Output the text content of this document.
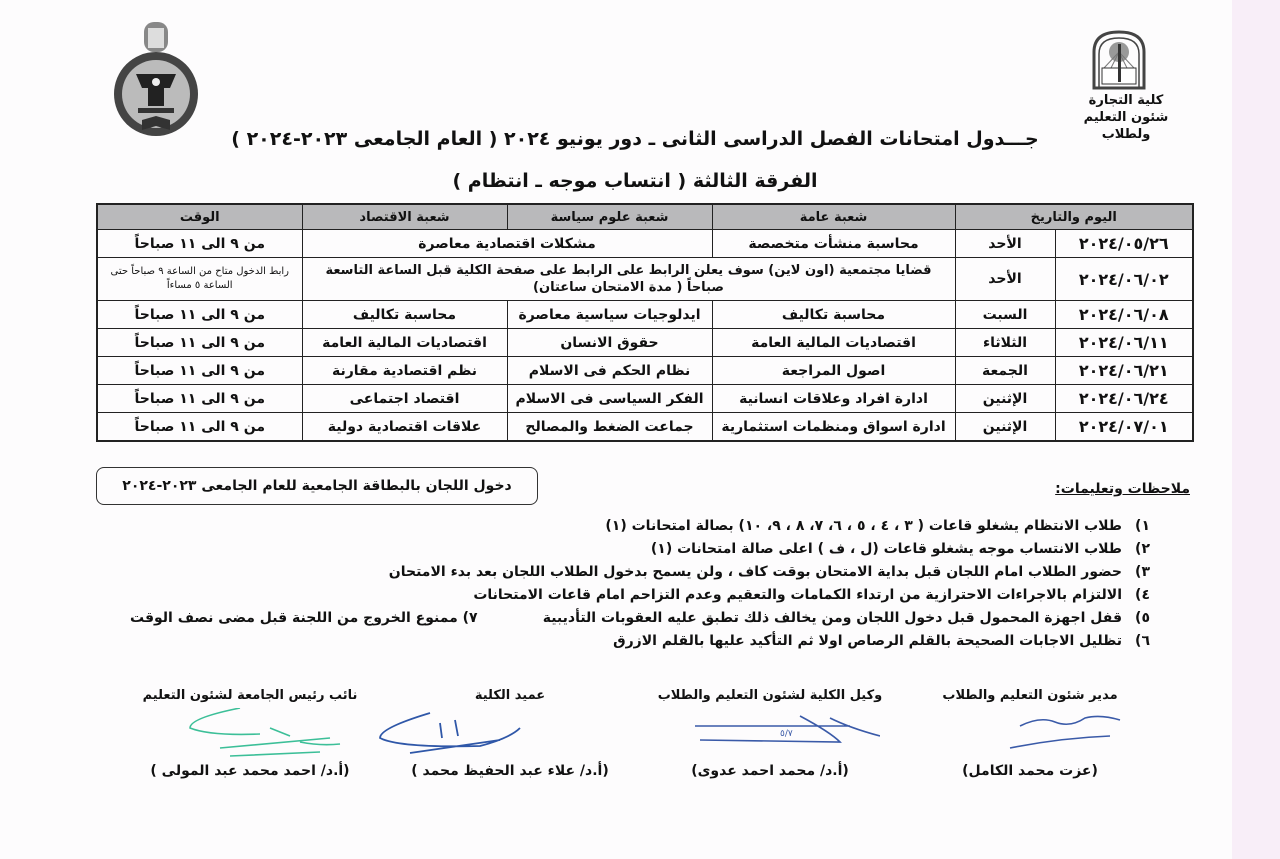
كلية التجارة
شئون التعليم ولطلاب
جـــدول امتحانات الفصل الدراسى الثانى ـ دور يونيو ٢٠٢٤ ( العام الجامعى ٢٠٢٣-٢٠٢٤ )
الفرقة الثالثة ( انتساب موجه ـ انتظام )
اليوم والتاريخ		شعبة عامة	شعبة علوم سياسة	شعبة الاقتصاد	الوقت
٢٠٢٤/٠٥/٢٦	الأحد	محاسبة منشأت متخصصة	مشكلات اقتصادية معاصرة		من ٩ الى ١١ صباحاً
٢٠٢٤/٠٦/٠٢	الأحد	قضايا مجتمعية (اون لاين) سوف يعلن الرابط على الرابط على صفحة الكلية قبل الساعة التاسعة صباحاً ( مدة الامتحان ساعتان)			رابط الدخول متاح من الساعة ٩ صباحاً حتى الساعة ٥ مساءاً
٢٠٢٤/٠٦/٠٨	السبت	محاسبة تكاليف	ايدلوجيات سياسية معاصرة	محاسبة تكاليف	من ٩ الى ١١ صباحاً
٢٠٢٤/٠٦/١١	الثلاثاء	اقتصاديات المالية العامة	حقوق الانسان	اقتصاديات المالية العامة	من ٩ الى ١١ صباحاً
٢٠٢٤/٠٦/٢١	الجمعة	اصول المراجعة	نظام الحكم فى الاسلام	نظم اقتصادية مقارنة	من ٩ الى ١١ صباحاً
٢٠٢٤/٠٦/٢٤	الإثنين	ادارة افراد وعلاقات انسانية	الفكر السياسى فى الاسلام	اقتصاد اجتماعى	من ٩ الى ١١ صباحاً
٢٠٢٤/٠٧/٠١	الإثنين	ادارة اسواق ومنظمات استثمارية	جماعت الضغط والمصالح	علاقات اقتصادية دولية	من ٩ الى ١١ صباحاً
دخول اللجان بالبطاقة الجامعية للعام الجامعى ٢٠٢٣-٢٠٢٤	ملاحظات وتعليمات:
١)طلاب الانتظام يشغلو قاعات ( ٣ ، ٤ ، ٥ ، ٦، ٧، ٨ ، ٩، ١٠) بصالة امتحانات (١)
٢)طلاب الانتساب موجه يشغلو قاعات (ل ، ف ) اعلى صالة امتحانات (١)
٣)حضور الطلاب امام اللجان قبل بداية الامتحان بوقت كاف ، ولن يسمح بدخول الطلاب اللجان بعد بدء الامتحان
٤)الالتزام بالاجراءات الاحترازية من ارتداء الكمامات والتعقيم وعدم التزاحم امام قاعات الامتحانات
٥)قفل اجهزة المحمول قبل دخول اللجان ومن يخالف ذلك تطبق عليه العقوبات التأديبية
٧) ممنوع الخروج من اللجنة قبل مضى نصف الوقت
٦)تظليل الاجابات الصحيحة بالقلم الرصاص اولا ثم التأكيد عليها بالقلم الازرق
مدير شئون التعليم والطلاب
وكيل الكلية لشئون التعليم والطلاب
عميد الكلية
نائب رئيس الجامعة لشئون التعليم
٥/٧
(عزت محمد الكامل)
(أ.د/ محمد احمد عدوى)
(أ.د/ علاء عبد الحفيظ محمد )
(أ.د/ احمد محمد عبد المولى )
